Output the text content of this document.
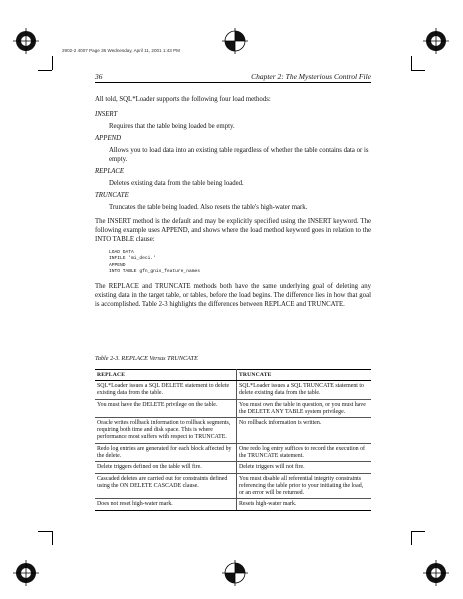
2902-2 4007 Page 36 Wednesday, April 11, 2001 1:43 PM
36	Chapter 2: The Mysterious Control File
All told, SQL*Loader supports the following four load methods:
INSERT
Requires that the table being loaded be empty.
APPEND
Allows you to load data into an existing table regardless of whether the table contains data or is empty.
REPLACE
Deletes existing data from the table being loaded.
TRUNCATE
Truncates the table being loaded. Also resets the table's high-water mark.
The INSERT method is the default and may be explicitly specified using the INSERT keyword. The following example uses APPEND, and shows where the load method keyword goes in relation to the INTO TABLE clause:
LOAD DATA
INFILE 'mi_deci.'
APPEND
INTO TABLE gfn_gnis_feature_names
The REPLACE and TRUNCATE methods both have the same underlying goal of deleting any existing data in the target table, or tables, before the load begins. The difference lies in how that goal is accomplished. Table 2-3 highlights the differences between REPLACE and TRUNCATE.
Table 2-3. REPLACE Versus TRUNCATE
REPLACE	TRUNCATE
SQL*Loader issues a SQL DELETE statement to delete existing data from the table.	SQL*Loader issues a SQL TRUNCATE statement to delete existing data from the table.
You must have the DELETE privilege on the table.	You must own the table in question, or you must have the DELETE ANY TABLE system privilege.
Oracle writes rollback information to rollback segments, requiring both time and disk space. This is where performance most suffers with respect to TRUNCATE.	No rollback information is written.
Redo log entries are generated for each block affected by the delete.	One redo log entry suffices to record the execution of the TRUNCATE statement.
Delete triggers defined on the table will fire.	Delete triggers will not fire.
Cascaded deletes are carried out for constraints defined using the ON DELETE CASCADE clause.	You must disable all referential integrity constraints referencing the table prior to your initiating the load, or an error will be returned.
Does not reset high-water mark.	Resets high-water mark.
